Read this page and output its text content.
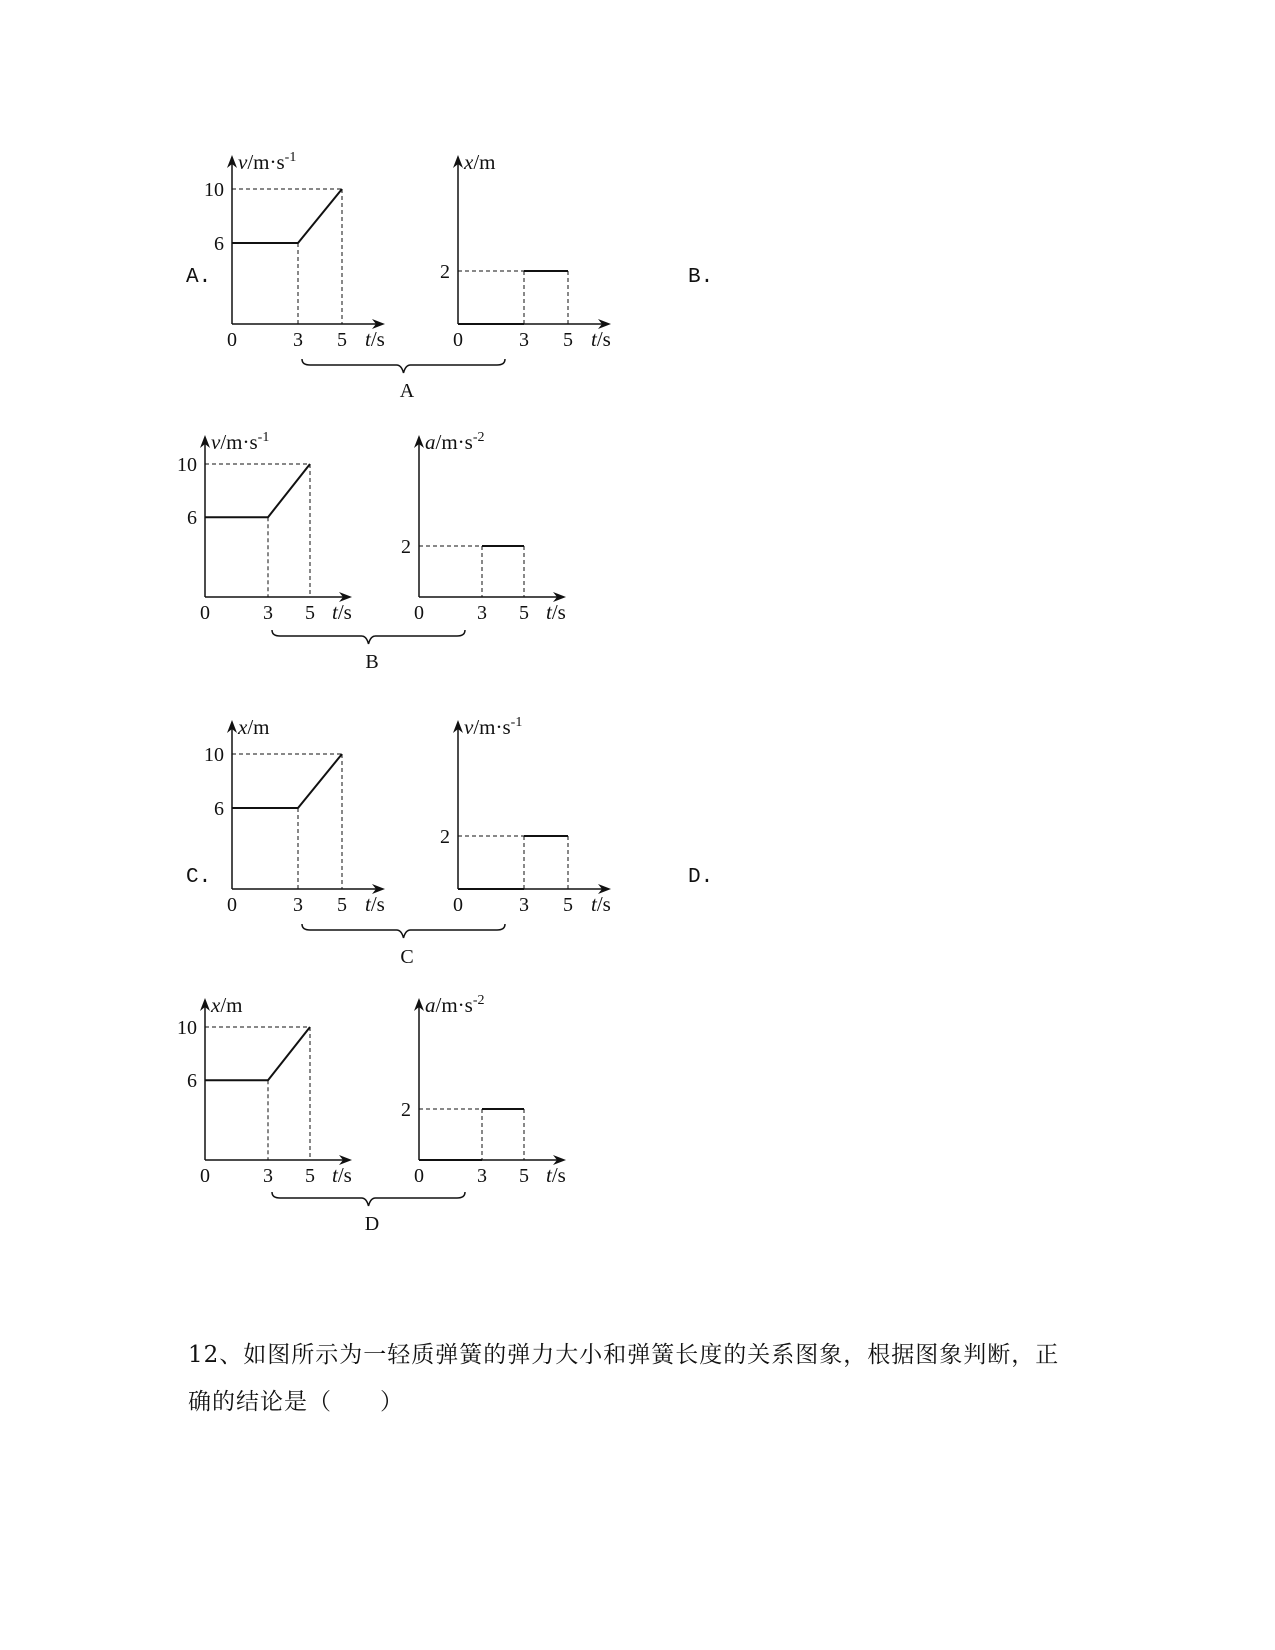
A.	B.
C.	D.
$v/m\cdot s^{-1}$
t/s
0	3 5
10
6
x/m
t/s
0	3 5
2
A
$v/m\cdot s^{-1}$
t/s
0	3 5
10
6
$a/m\cdot s^{-2}$
t/s
0	3 5
2
B
x/m
t/s
0	3 5
10
6
$v/m\cdot s^{-1}$
t/s
0	3 5
2
C
x/m
t/s
0	3 5
10
6
$a/m\cdot s^{-2}$
t/s
0	3 5
2
D
12、如图所示为一轻质弹簧的弹力大小和弹簧长度的关系图象，根据图象判断，正
确的结论是（　　）
